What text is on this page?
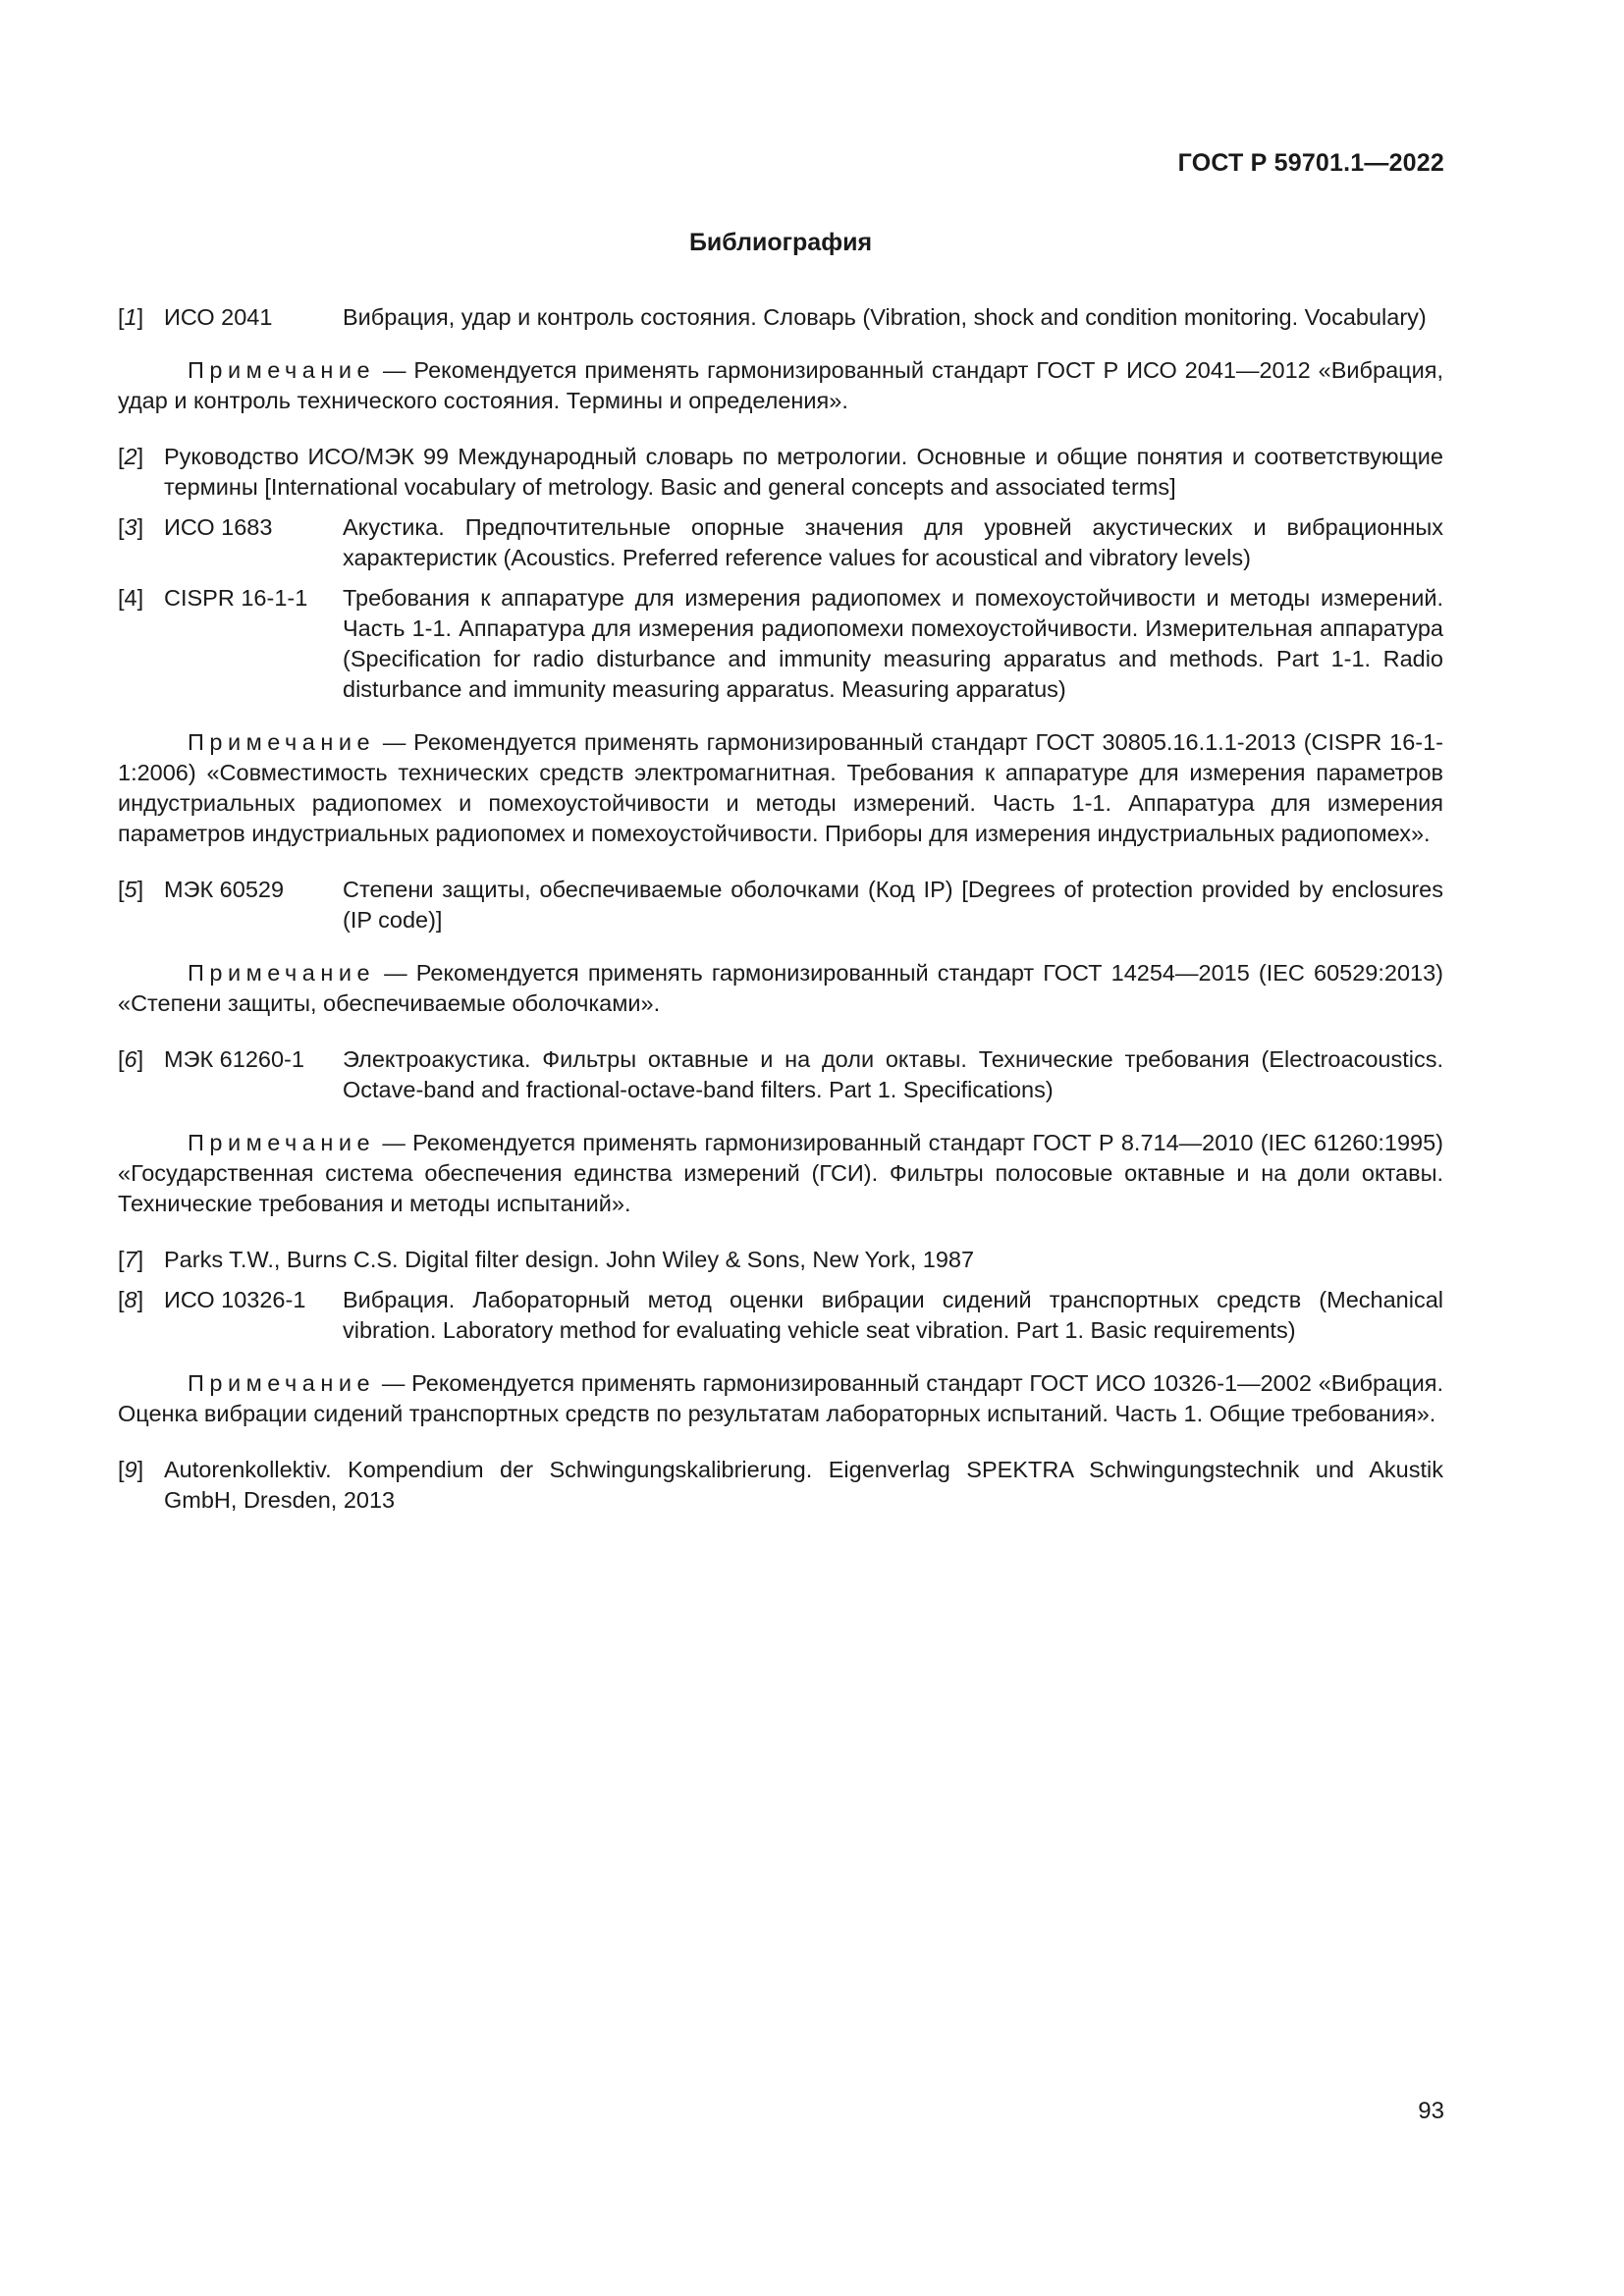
ГОСТ Р 59701.1—2022
Библиография
[1] ИСО 2041	Вибрация, удар и контроль состояния. Словарь (Vibration, shock and condition monitoring. Vocabulary)

Примечание — Рекомендуется применять гармонизированный стандарт ГОСТ Р ИСО 2041—2012 «Вибрация, удар и контроль технического состояния. Термины и определения».

[2] Руководство ИСО/МЭК 99 Международный словарь по метрологии. Основные и общие понятия и соответствующие термины [International vocabulary of metrology. Basic and general concepts and associated terms]
[3] ИСО 1683	Акустика. Предпочтительные опорные значения для уровней акустических и вибрационных характеристик (Acoustics. Preferred reference values for acoustical and vibratory levels)
[4] CISPR 16-1-1	Требования к аппаратуре для измерения радиопомех и помехоустойчивости и методы измерений. Часть 1-1. Аппаратура для измерения радиопомехи помехоустойчивости. Измерительная аппаратура (Specification for radio disturbance and immunity measuring apparatus and methods. Part 1-1. Radio disturbance and immunity measuring apparatus. Measuring apparatus)

Примечание — Рекомендуется применять гармонизированный стандарт ГОСТ 30805.16.1.1-2013 (CISPR 16-1-1:2006) «Совместимость технических средств электромагнитная. Требования к аппаратуре для измерения параметров индустриальных радиопомех и помехоустойчивости и методы измерений. Часть 1-1. Аппаратура для измерения параметров индустриальных радиопомех и помехоустойчивости. Приборы для измерения индустриальных радиопомех».

[5] МЭК 60529	Степени защиты, обеспечиваемые оболочками (Код IP) [Degrees of protection provided by enclosures (IP code)]

Примечание — Рекомендуется применять гармонизированный стандарт ГОСТ 14254—2015 (IEC 60529:2013) «Степени защиты, обеспечиваемые оболочками».

[6] МЭК 61260-1	Электроакустика. Фильтры октавные и на доли октавы. Технические требования (Electroacoustics. Octave-band and fractional-octave-band filters. Part 1. Specifications)

Примечание — Рекомендуется применять гармонизированный стандарт ГОСТ Р 8.714—2010 (IEC 61260:1995) «Государственная система обеспечения единства измерений (ГСИ). Фильтры полосовые октавные и на доли октавы. Технические требования и методы испытаний».

[7] Parks T.W., Burns C.S. Digital filter design. John Wiley & Sons, New York, 1987
[8] ИСО 10326-1	Вибрация. Лабораторный метод оценки вибрации сидений транспортных средств (Mechanical vibration. Laboratory method for evaluating vehicle seat vibration. Part 1. Basic requirements)

Примечание — Рекомендуется применять гармонизированный стандарт ГОСТ ИСО 10326-1—2002 «Вибрация. Оценка вибрации сидений транспортных средств по результатам лабораторных испытаний. Часть 1. Общие требования».

[9] Autorenkollektiv. Kompendium der Schwingungskalibrierung. Eigenverlag SPEKTRA Schwingungstechnik und Akustik GmbH, Dresden, 2013
93
